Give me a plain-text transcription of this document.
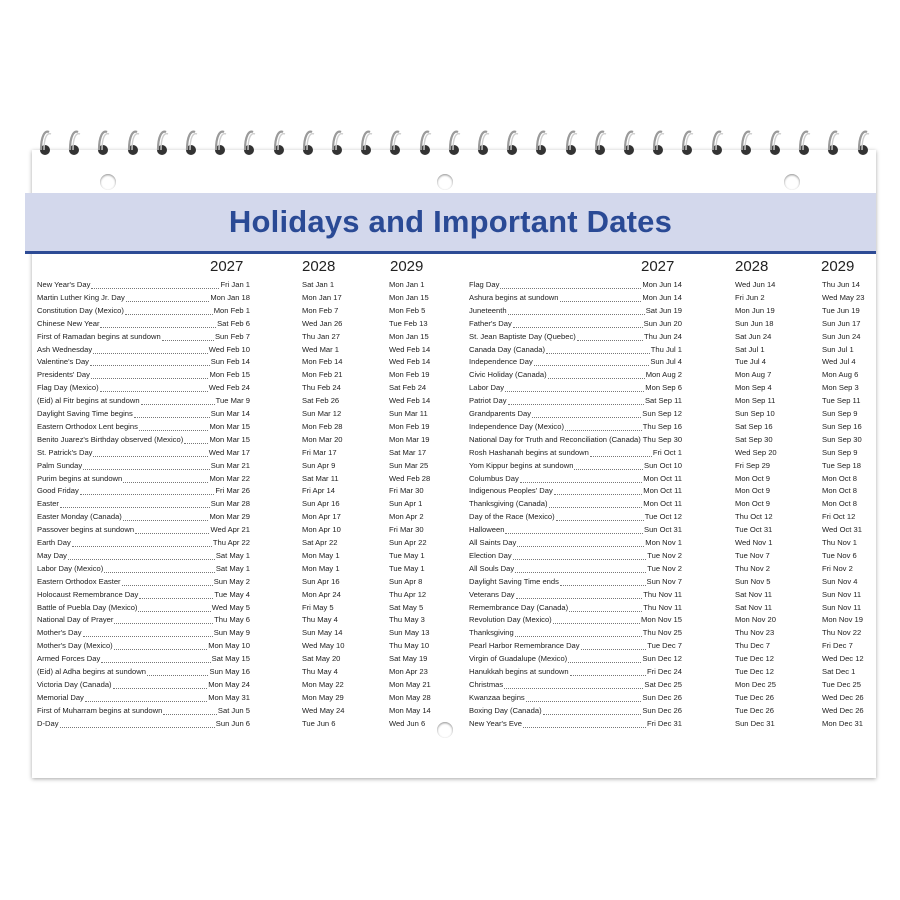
Holidays and Important Dates
2027	2028	2029	2027	2028	2029
New Year's Day	Fri Jan 1	Sat Jan 1	Mon Jan 1
Martin Luther King Jr. Day	Mon Jan 18	Mon Jan 17	Mon Jan 15
Constitution Day (Mexico)	Mon Feb 1	Mon Feb 7	Mon Feb 5
Chinese New Year	Sat Feb 6	Wed Jan 26	Tue Feb 13
First of Ramadan begins at sundown	Sun Feb 7	Thu Jan 27	Mon Jan 15
Ash Wednesday	Wed Feb 10	Wed Mar 1	Wed Feb 14
Valentine's Day	Sun Feb 14	Mon Feb 14	Wed Feb 14
Presidents' Day	Mon Feb 15	Mon Feb 21	Mon Feb 19
Flag Day (Mexico)	Wed Feb 24	Thu Feb 24	Sat Feb 24
(Eid) al Fitr begins at sundown	Tue Mar 9	Sat Feb 26	Wed Feb 14
Daylight Saving Time begins	Sun Mar 14	Sun Mar 12	Sun Mar 11
Eastern Orthodox Lent begins	Mon Mar 15	Mon Feb 28	Mon Feb 19
Benito Juarez's Birthday observed (Mexico)	Mon Mar 15	Mon Mar 20	Mon Mar 19
St. Patrick's Day	Wed Mar 17	Fri Mar 17	Sat Mar 17
Palm Sunday	Sun Mar 21	Sun Apr 9	Sun Mar 25
Purim begins at sundown	Mon Mar 22	Sat Mar 11	Wed Feb 28
Good Friday	Fri Mar 26	Fri Apr 14	Fri Mar 30
Easter	Sun Mar 28	Sun Apr 16	Sun Apr 1
Easter Monday (Canada)	Mon Mar 29	Mon Apr 17	Mon Apr 2
Passover begins at sundown	Wed Apr 21	Mon Apr 10	Fri Mar 30
Earth Day	Thu Apr 22	Sat Apr 22	Sun Apr 22
May Day	Sat May 1	Mon May 1	Tue May 1
Labor Day (Mexico)	Sat May 1	Mon May 1	Tue May 1
Eastern Orthodox Easter	Sun May 2	Sun Apr 16	Sun Apr 8
Holocaust Remembrance Day	Tue May 4	Mon Apr 24	Thu Apr 12
Battle of Puebla Day (Mexico)	Wed May 5	Fri May 5	Sat May 5
National Day of Prayer	Thu May 6	Thu May 4	Thu May 3
Mother's Day	Sun May 9	Sun May 14	Sun May 13
Mother's Day (Mexico)	Mon May 10	Wed May 10	Thu May 10
Armed Forces Day	Sat May 15	Sat May 20	Sat May 19
(Eid) al Adha begins at sundown	Sun May 16	Thu May 4	Mon Apr 23
Victoria Day (Canada)	Mon May 24	Mon May 22	Mon May 21
Memorial Day	Mon May 31	Mon May 29	Mon May 28
First of Muharram begins at sundown	Sat Jun 5	Wed May 24	Mon May 14
D-Day	Sun Jun 6	Tue Jun 6	Wed Jun 6
Flag Day	Mon Jun 14	Wed Jun 14	Thu Jun 14
Ashura begins at sundown	Mon Jun 14	Fri Jun 2	Wed May 23
Juneteenth	Sat Jun 19	Mon Jun 19	Tue Jun 19
Father's Day	Sun Jun 20	Sun Jun 18	Sun Jun 17
St. Jean Baptiste Day (Quebec)	Thu Jun 24	Sat Jun 24	Sun Jun 24
Canada Day (Canada)	Thu Jul 1	Sat Jul 1	Sun Jul 1
Independence Day	Sun Jul 4	Tue Jul 4	Wed Jul 4
Civic Holiday (Canada)	Mon Aug 2	Mon Aug 7	Mon Aug 6
Labor Day	Mon Sep 6	Mon Sep 4	Mon Sep 3
Patriot Day	Sat Sep 11	Mon Sep 11	Tue Sep 11
Grandparents Day	Sun Sep 12	Sun Sep 10	Sun Sep 9
Independence Day (Mexico)	Thu Sep 16	Sat Sep 16	Sun Sep 16
National Day for Truth and Reconciliation (Canada) Thu Sep 30	Sat Sep 30	Sun Sep 30
Rosh Hashanah begins at sundown	Fri Oct 1	Wed Sep 20	Sun Sep 9
Yom Kippur begins at sundown	Sun Oct 10	Fri Sep 29	Tue Sep 18
Columbus Day	Mon Oct 11	Mon Oct 9	Mon Oct 8
Indigenous Peoples' Day	Mon Oct 11	Mon Oct 9	Mon Oct 8
Thanksgiving (Canada)	Mon Oct 11	Mon Oct 9	Mon Oct 8
Day of the Race (Mexico)	Tue Oct 12	Thu Oct 12	Fri Oct 12
Halloween	Sun Oct 31	Tue Oct 31	Wed Oct 31
All Saints Day	Mon Nov 1	Wed Nov 1	Thu Nov 1
Election Day	Tue Nov 2	Tue Nov 7	Tue Nov 6
All Souls Day	Tue Nov 2	Thu Nov 2	Fri Nov 2
Daylight Saving Time ends	Sun Nov 7	Sun Nov 5	Sun Nov 4
Veterans Day	Thu Nov 11	Sat Nov 11	Sun Nov 11
Remembrance Day (Canada)	Thu Nov 11	Sat Nov 11	Sun Nov 11
Revolution Day (Mexico)	Mon Nov 15	Mon Nov 20	Mon Nov 19
Thanksgiving	Thu Nov 25	Thu Nov 23	Thu Nov 22
Pearl Harbor Remembrance Day	Tue Dec 7	Thu Dec 7	Fri Dec 7
Virgin of Guadalupe (Mexico)	Sun Dec 12	Tue Dec 12	Wed Dec 12
Hanukkah begins at sundown	Fri Dec 24	Tue Dec 12	Sat Dec 1
Christmas	Sat Dec 25	Mon Dec 25	Tue Dec 25
Kwanzaa begins	Sun Dec 26	Tue Dec 26	Wed Dec 26
Boxing Day (Canada)	Sun Dec 26	Tue Dec 26	Wed Dec 26
New Year's Eve	Fri Dec 31	Sun Dec 31	Mon Dec 31
